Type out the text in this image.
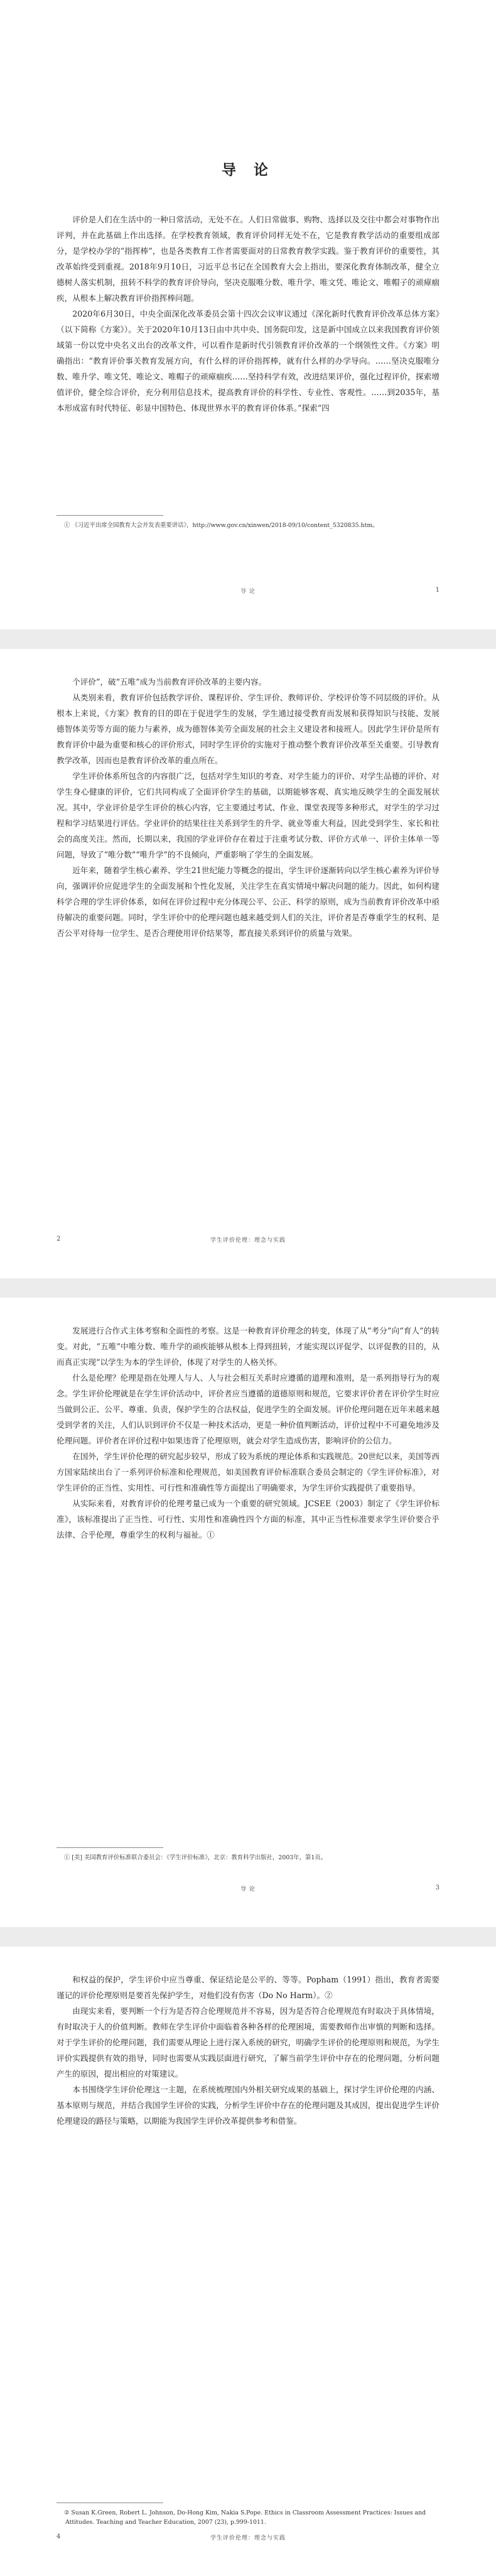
导 论

评价是人们在生活中的一种日常活动，无处不在。人们日常做事、购物、选择以及交往中都会对事物作出评判，并在此基础上作出选择。在学校教育领域，教育评价同样无处不在，它是教育教学活动的重要组成部分，是学校办学的“指挥棒”，也是各类教育工作者需要面对的日常教育教学实践。鉴于教育评价的重要性，其改革始终受到重视。2018年9月10日，习近平总书记在全国教育大会上指出，要深化教育体制改革，健全立德树人落实机制，扭转不科学的教育评价导向，坚决克服唯分数、唯升学、唯文凭、唯论文、唯帽子的顽瘴痼疾，从根本上解决教育评价指挥棒问题。

2020年6月30日，中央全面深化改革委员会第十四次会议审议通过《深化新时代教育评价改革总体方案》（以下简称《方案》）。关于2020年10月13日由中共中央、国务院印发，这是新中国成立以来我国教育评价领域第一份以党中央名义出台的改革文件，可以看作是新时代引领教育评价改革的一个纲领性文件。《方案》明确指出：“教育评价事关教育发展方向，有什么样的评价指挥棒，就有什么样的办学导向。……坚决克服唯分数、唯升学、唯文凭、唯论文、唯帽子的顽瘴痼疾……坚持科学有效，改进结果评价，强化过程评价，探索增值评价，健全综合评价，充分利用信息技术，提高教育评价的科学性、专业性、客观性。……到2035年，基本形成富有时代特征、彰显中国特色、体现世界水平的教育评价体系。”探索“四

① 《习近平出席全国教育大会并发表重要讲话》，http://www.gov.cn/xinwen/2018-09/10/content_5320835.htm。
导 论	1

个评价”，破“五唯”成为当前教育评价改革的主要内容。

从类别来看，教育评价包括教学评价、课程评价、学生评价、教师评价、学校评价等不同层级的评价。从根本上来说，《方案》教育的目的即在于促进学生的发展，学生通过接受教育而发展和获得知识与技能、发展德智体美劳等方面的能力与素养，成为德智体美劳全面发展的社会主义建设者和接班人。因此学生评价是所有教育评价中最为重要和核心的评价形式，同时学生评价的实施对于推动整个教育评价改革至关重要。引导教育教学改革，因而也是教育评价改革的重点所在。

学生评价体系所包含的内容很广泛，包括对学生知识的考查、对学生能力的评价、对学生品德的评价、对学生身心健康的评价，它们共同构成了全面评价学生的基础，以期能够客观、真实地反映学生的全面发展状况。其中，学业评价是学生评价的核心内容，它主要通过考试、作业、课堂表现等多种形式，对学生的学习过程和学习结果进行评估。学业评价的结果往往关系到学生的升学、就业等重大利益，因此受到学生、家长和社会的高度关注。然而，长期以来，我国的学业评价存在着过于注重考试分数、评价方式单一、评价主体单一等问题，导致了“唯分数”“唯升学”的不良倾向，严重影响了学生的全面发展。

近年来，随着学生核心素养、学生21世纪能力等概念的提出，学生评价逐渐转向以学生核心素养为评价导向，强调评价应促进学生的全面发展和个性化发展，关注学生在真实情境中解决问题的能力。因此，如何构建科学合理的学生评价体系，如何在评价过程中充分体现公平、公正、科学的原则，成为当前教育评价改革中亟待解决的重要问题。同时，学生评价中的伦理问题也越来越受到人们的关注，评价者是否尊重学生的权利、是否公平对待每一位学生、是否合理使用评价结果等，都直接关系到评价的质量与效果。

2	学生评价伦理：理念与实践

发展进行合作式主体考察和全面性的考察。这是一种教育评价理念的转变，体现了从“考分”向“育人”的转变。对此，“五唯”中唯分数、唯升学的顽疾能够从根本上得到扭转，才能实现以评促学、以评促教的目的，从而真正实现“以学生为本的学生评价，体现了对学生的人格关怀。

什么是伦理？伦理是指在处理人与人、人与社会相互关系时应遵循的道理和准则，是一系列指导行为的观念。学生评价伦理就是在学生评价活动中，评价者应当遵循的道德原则和规范，它要求评价者在评价学生时应当做到公正、公平、尊重、负责，保护学生的合法权益，促进学生的全面发展。评价伦理问题在近年来越来越受到学者的关注，人们认识到评价不仅是一种技术活动，更是一种价值判断活动，评价过程中不可避免地涉及伦理问题。评价者在评价过程中如果违背了伦理原则，就会对学生造成伤害，影响评价的公信力。

在国外，学生评价伦理的研究起步较早，形成了较为系统的理论体系和实践规范。20世纪以来，美国等西方国家陆续出台了一系列评价标准和伦理规范，如美国教育评价标准联合委员会制定的《学生评价标准》，对学生评价的正当性、实用性、可行性和准确性等方面提出了明确要求，为学生评价实践提供了重要指导。

从实际来看，对教育评价的伦理考量已成为一个重要的研究领域。JCSEE（2003）制定了《学生评价标准》，该标准提出了正当性、可行性、实用性和准确性四个方面的标准，其中正当性标准要求学生评价要合乎法律、合乎伦理，尊重学生的权利与福祉。①

① [美] 美国教育评价标准联合委员会：《学生评价标准》，北京：教育科学出版社，2003年，第1页。
导 论	3

和权益的保护，学生评价中应当尊重、保证结论是公平的、等等。Popham（1991）指出，教育者需要谨记的评价伦理原则是要首先保护学生，对他们没有伤害（Do No Harm）。②

由现实来看，要判断一个行为是否符合伦理规范并不容易，因为是否符合伦理规范有时取决于具体情境，有时取决于人的价值判断。教师在学生评价中面临着各种各样的伦理困境，需要教师作出审慎的判断和选择。对于学生评价的伦理问题，我们需要从理论上进行深入系统的研究，明确学生评价的伦理原则和规范，为学生评价实践提供有效的指导，同时也需要从实践层面进行研究，了解当前学生评价中存在的伦理问题，分析问题产生的原因，提出相应的对策建议。

本书围绕学生评价伦理这一主题，在系统梳理国内外相关研究成果的基础上，探讨学生评价伦理的内涵、基本原则与规范，并结合我国学生评价的实践，分析学生评价中存在的伦理问题及其成因，提出促进学生评价伦理建设的路径与策略，以期能为我国学生评价改革提供参考和借鉴。

② Susan K.Green, Robert L. Johnson, Do-Hong Kim, Nakia S.Pope. Ethics in Classroom Assessment Practices: Issues and Attitudes. Teaching and Teacher Education, 2007 (23), p.999-1011.
4	学生评价伦理：理念与实践
